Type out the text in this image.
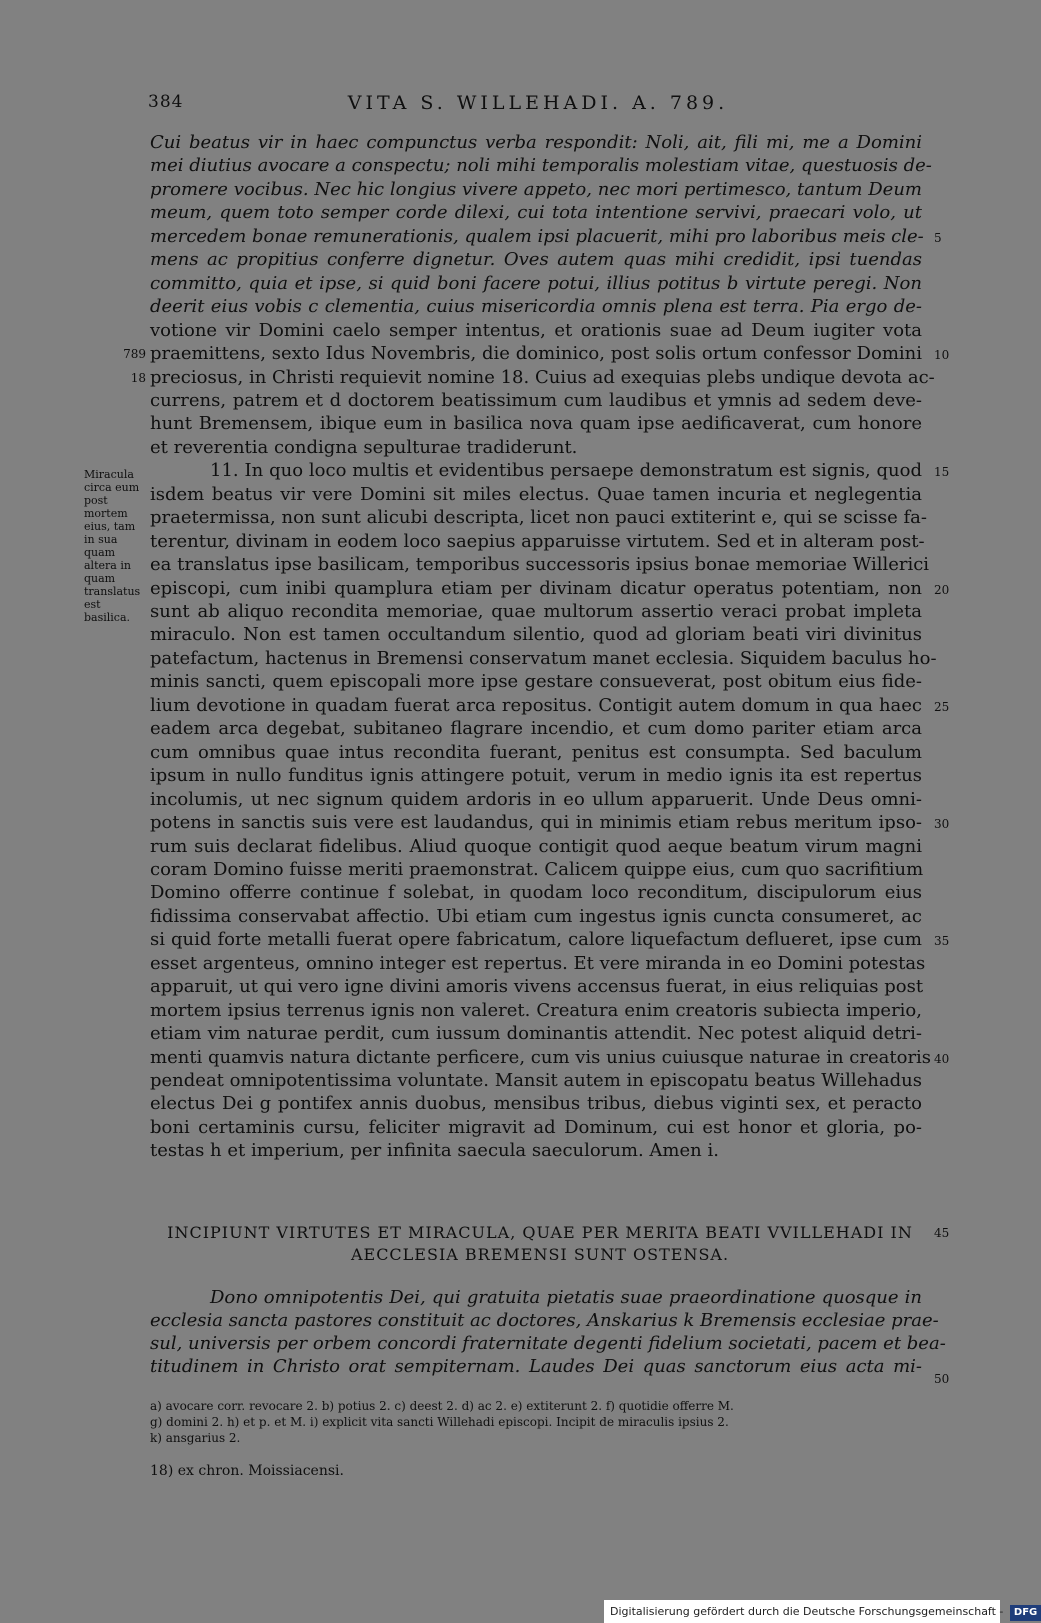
384	VITA S. WILLEHADI. A. 789.
Cui beatus vir in haec compunctus verba respondit: Noli, ait, fili mi, me a Domini
mei diutius avocare a conspectu; noli mihi temporalis molestiam vitae, questuosis de-
promere vocibus. Nec hic longius vivere appeto, nec mori pertimesco, tantum Deum
meum, quem toto semper corde dilexi, cui tota intentione servivi, praecari volo, ut
mercedem bonae remunerationis, qualem ipsi placuerit, mihi pro laboribus meis cle-
mens ac propitius conferre dignetur. Oves autem quas mihi credidit, ipsi tuendas
committo, quia et ipse, si quid boni facere potui, illius potitus b virtute peregi. Non
deerit eius vobis c clementia, cuius misericordia omnis plena est terra. Pia ergo de-
votione vir Domini caelo semper intentus, et orationis suae ad Deum iugiter vota
praemittens, sexto Idus Novembris, die dominico, post solis ortum confessor Domini
preciosus, in Christi requievit nomine 18. Cuius ad exequias plebs undique devota ac-
currens, patrem et d doctorem beatissimum cum laudibus et ymnis ad sedem deve-
hunt Bremensem, ibique eum in basilica nova quam ipse aedificaverat, cum honore
et reverentia condigna sepulturae tradiderunt.
11. In quo loco multis et evidentibus persaepe demonstratum est signis, quod
isdem beatus vir vere Domini sit miles electus. Quae tamen incuria et neglegentia
praetermissa, non sunt alicubi descripta, licet non pauci extiterint e, qui se scisse fa-
terentur, divinam in eodem loco saepius apparuisse virtutem. Sed et in alteram post-
ea translatus ipse basilicam, temporibus successoris ipsius bonae memoriae Willerici
episcopi, cum inibi quamplura etiam per divinam dicatur operatus potentiam, non
sunt ab aliquo recondita memoriae, quae multorum assertio veraci probat impleta
miraculo. Non est tamen occultandum silentio, quod ad gloriam beati viri divinitus
patefactum, hactenus in Bremensi conservatum manet ecclesia. Siquidem baculus ho-
minis sancti, quem episcopali more ipse gestare consueverat, post obitum eius fide-
lium devotione in quadam fuerat arca repositus. Contigit autem domum in qua haec
eadem arca degebat, subitaneo flagrare incendio, et cum domo pariter etiam arca
cum omnibus quae intus recondita fuerant, penitus est consumpta. Sed baculum
ipsum in nullo funditus ignis attingere potuit, verum in medio ignis ita est repertus
incolumis, ut nec signum quidem ardoris in eo ullum apparuerit. Unde Deus omni-
potens in sanctis suis vere est laudandus, qui in minimis etiam rebus meritum ipso-
rum suis declarat fidelibus. Aliud quoque contigit quod aeque beatum virum magni
coram Domino fuisse meriti praemonstrat. Calicem quippe eius, cum quo sacrifitium
Domino offerre continue f solebat, in quodam loco reconditum, discipulorum eius
fidissima conservabat affectio. Ubi etiam cum ingestus ignis cuncta consumeret, ac
si quid forte metalli fuerat opere fabricatum, calore liquefactum deflueret, ipse cum
esset argenteus, omnino integer est repertus. Et vere miranda in eo Domini potestas
apparuit, ut qui vero igne divini amoris vivens accensus fuerat, in eius reliquias post
mortem ipsius terrenus ignis non valeret. Creatura enim creatoris subiecta imperio,
etiam vim naturae perdit, cum iussum dominantis attendit. Nec potest aliquid detri-
menti quamvis natura dictante perficere, cum vis unius cuiusque naturae in creatoris
pendeat omnipotentissima voluntate. Mansit autem in episcopatu beatus Willehadus
electus Dei g pontifex annis duobus, mensibus tribus, diebus viginti sex, et peracto
boni certaminis cursu, feliciter migravit ad Dominum, cui est honor et gloria, po-
testas h et imperium, per infinita saecula saeculorum. Amen i.
5
10
15
20
25
30
35
40
789
18
Miracula circa eum post mortem eius, tam in sua quam altera in quam translatus est basilica.
INCIPIUNT VIRTUTES ET MIRACULA, QUAE PER MERITA BEATI VVILLEHADI IN
AECCLESIA BREMENSI SUNT OSTENSA.
45
Dono omnipotentis Dei, qui gratuita pietatis suae praeordinatione quosque in
ecclesia sancta pastores constituit ac doctores, Anskarius k Bremensis ecclesiae prae-
sul, universis per orbem concordi fraternitate degenti fidelium societati, pacem et bea-
titudinem in Christo orat sempiternam. Laudes Dei quas sanctorum eius acta mi-
50
a) avocare corr. revocare 2. b) potius 2. c) deest 2. d) ac 2. e) extiterunt 2. f) quotidie offerre M.
g) domini 2. h) et p. et M. i) explicit vita sancti Willehadi episcopi. Incipit de miraculis ipsius 2.
k) ansgarius 2.
18) ex chron. Moissiacensi.
Digitalisierung gefördert durch die Deutsche Forschungsgemeinschaft - DFG
